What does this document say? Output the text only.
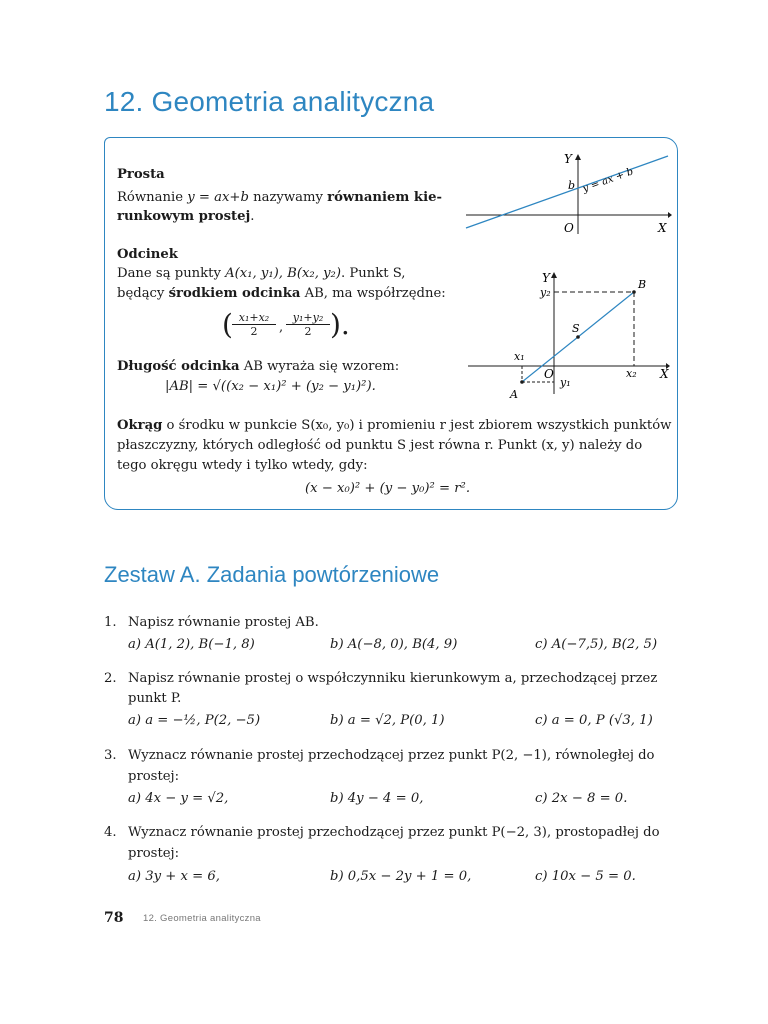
12. Geometria analityczna
Prosta
Równanie y = ax+b nazywamy równaniem kie-
runkowym prostej.
Odcinek
Dane są punkty A(x₁, y₁), B(x₂, y₂). Punkt S,
będący środkiem odcinka AB, ma współrzędne:
( x₁+x₂
2	,
y₁+y₂
2 ).
Długość odcinka AB wyraża się wzorem:
|AB| = √((x₂ − x₁)² + (y₂ − y₁)²).
Okrąg o środku w punkcie S(x₀, y₀) i promieniu r jest zbiorem wszystkich punktów
płaszczyzny, których odległość od punktu S jest równa r. Punkt (x, y) należy do
tego okręgu wtedy i tylko wtedy, gdy:
(x − x₀)² + (y − y₀)² = r².
Y
X
O
b y = ax + b
Y
X
O
A
B
S
x₁
x₂
y₁
y₂
Zestaw A. Zadania powtórzeniowe
1. Napisz równanie prostej AB.
a) A(1, 2), B(−1, 8)	b) A(−8, 0), B(4, 9)	c) A(−7,5), B(2, 5)
2. Napisz równanie prostej o współczynniku kierunkowym a, przechodzącej przez
punkt P.
a) a = −½, P(2, −5)	b) a = √2, P(0, 1)	c) a = 0, P (√3, 1)
3. Wyznacz równanie prostej przechodzącej przez punkt P(2, −1), równoległej do
prostej:
a) 4x − y = √2,	b) 4y − 4 = 0,	c) 2x − 8 = 0.
4. Wyznacz równanie prostej przechodzącej przez punkt P(−2, 3), prostopadłej do
prostej:
a) 3y + x = 6,	b) 0,5x − 2y + 1 = 0,	c) 10x − 5 = 0.
78 12. Geometria analityczna
